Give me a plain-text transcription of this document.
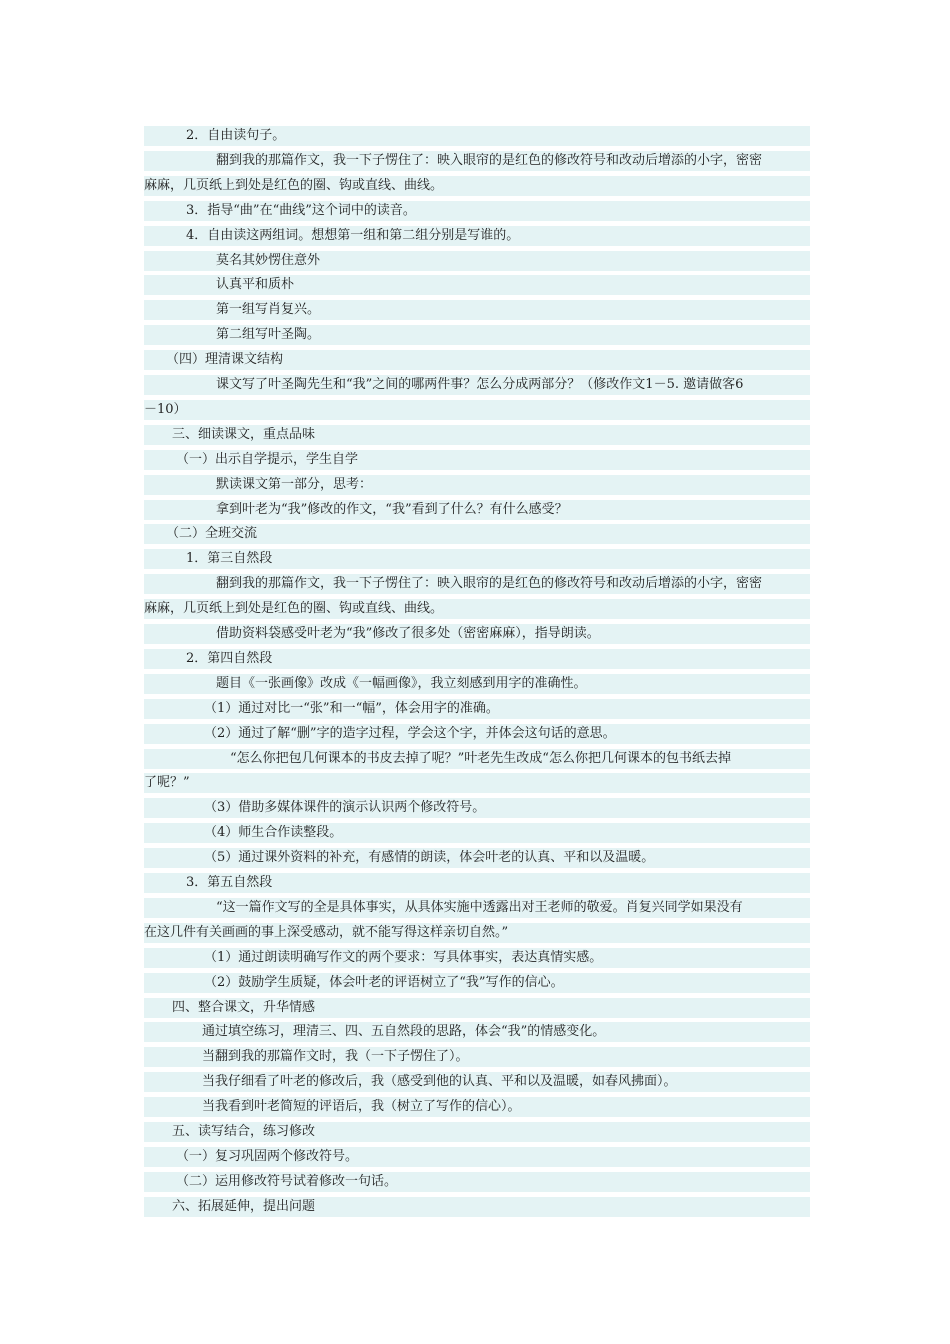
2．自由读句子。
翻到我的那篇作文，我一下子愣住了：映入眼帘的是红色的修改符号和改动后增添的小字，密密
麻麻，几页纸上到处是红色的圈、钩或直线、曲线。
3．指导“曲”在“曲线”这个词中的读音。
4．自由读这两组词。想想第一组和第二组分别是写谁的。
莫名其妙愣住意外
认真平和质朴
第一组写肖复兴。
第二组写叶圣陶。
（四）理清课文结构
课文写了叶圣陶先生和“我”之间的哪两件事？怎么分成两部分？（修改作文1－5. 邀请做客6
－10）
三、细读课文，重点品味
（一）出示自学提示，学生自学
默读课文第一部分，思考：
拿到叶老为“我”修改的作文，“我”看到了什么？有什么感受？
（二）全班交流
1．第三自然段
翻到我的那篇作文，我一下子愣住了：映入眼帘的是红色的修改符号和改动后增添的小字，密密
麻麻，几页纸上到处是红色的圈、钩或直线、曲线。
借助资料袋感受叶老为“我”修改了很多处（密密麻麻），指导朗读。
2．第四自然段
题目《一张画像》改成《一幅画像》，我立刻感到用字的准确性。
（1）通过对比一“张”和一“幅”，体会用字的准确。
（2）通过了解“删”字的造字过程，学会这个字，并体会这句话的意思。
“怎么你把包几何课本的书皮去掉了呢？”叶老先生改成“怎么你把几何课本的包书纸去掉
了呢？”
（3）借助多媒体课件的演示认识两个修改符号。
（4）师生合作读整段。
（5）通过课外资料的补充，有感情的朗读，体会叶老的认真、平和以及温暖。
3．第五自然段
“这一篇作文写的全是具体事实，从具体实施中透露出对王老师的敬爱。肖复兴同学如果没有
在这几件有关画画的事上深受感动，就不能写得这样亲切自然。”
（1）通过朗读明确写作文的两个要求：写具体事实，表达真情实感。
（2）鼓励学生质疑，体会叶老的评语树立了“我”写作的信心。
四、整合课文，升华情感
通过填空练习，理清三、四、五自然段的思路，体会“我”的情感变化。
当翻到我的那篇作文时，我（一下子愣住了）。
当我仔细看了叶老的修改后，我（感受到他的认真、平和以及温暖，如春风拂面）。
当我看到叶老简短的评语后，我（树立了写作的信心）。
五、读写结合，练习修改
（一）复习巩固两个修改符号。
（二）运用修改符号试着修改一句话。
六、拓展延伸，提出问题
